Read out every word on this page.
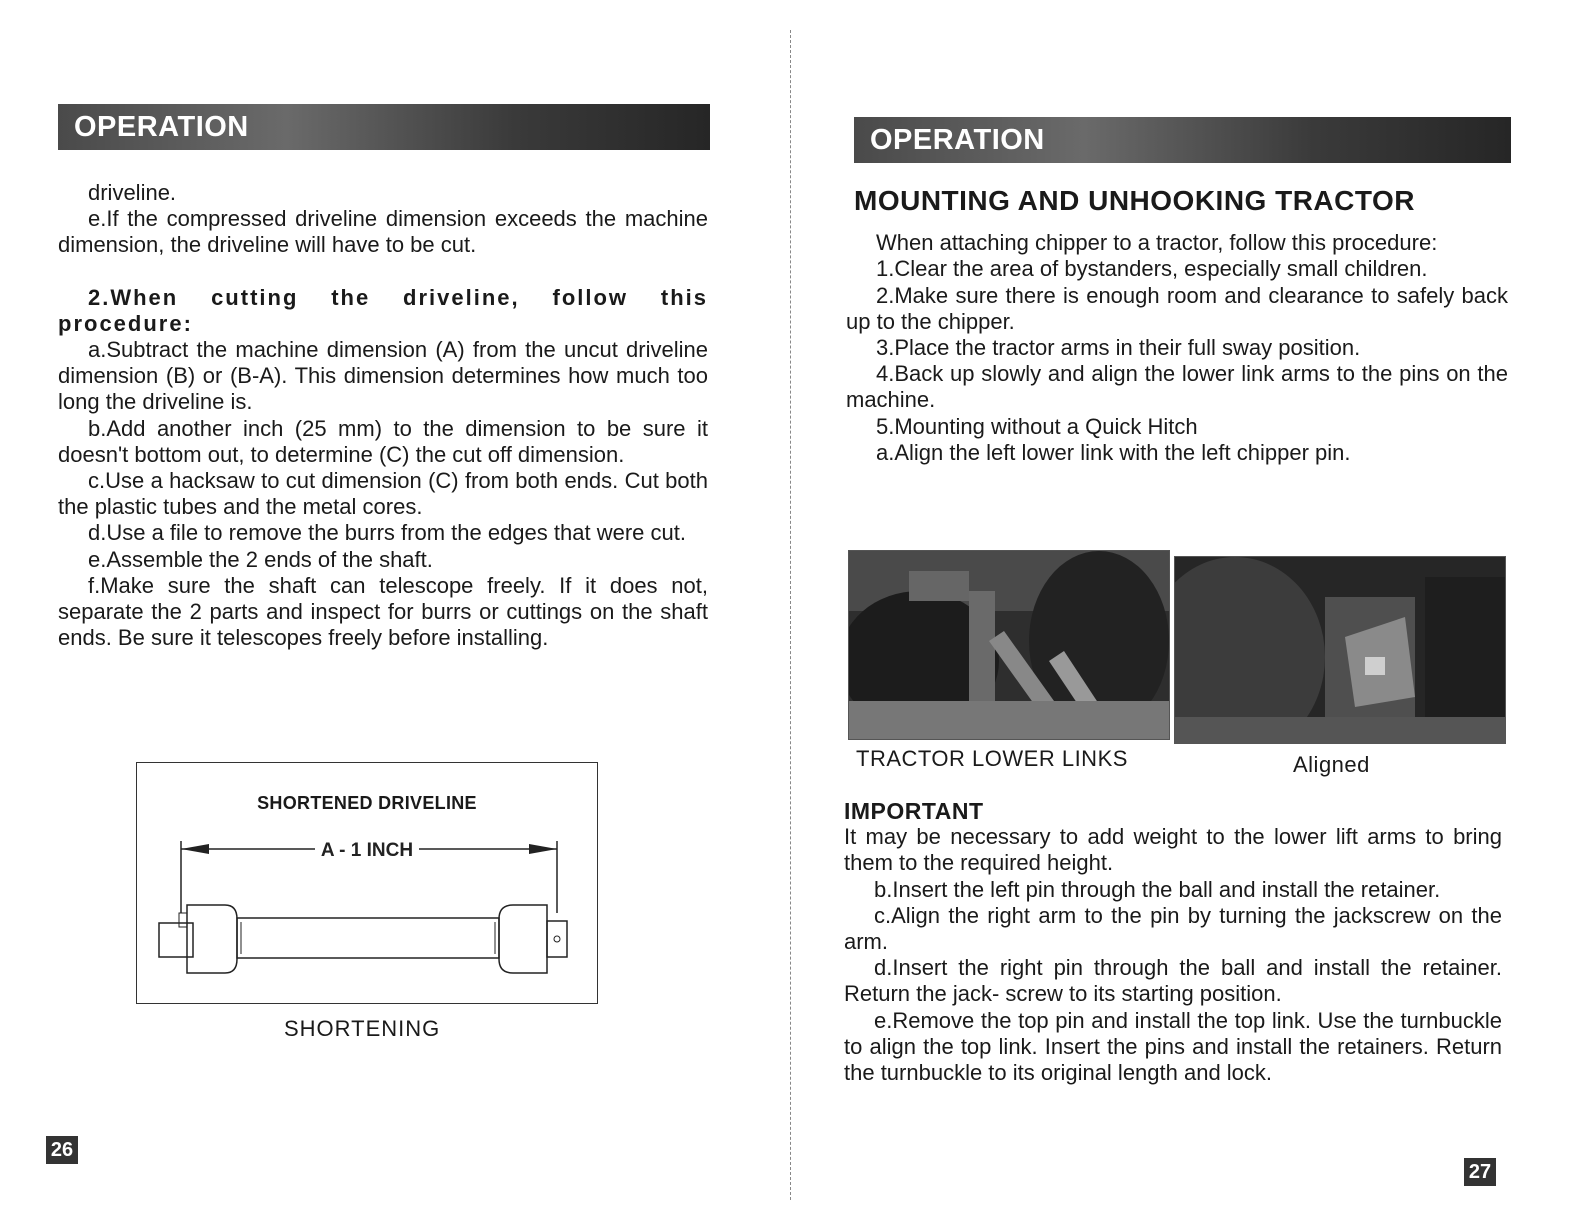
OPERATION

driveline.

e.If the compressed driveline dimension exceeds the machine dimension, the driveline will have to be cut.

2.When cutting the driveline, follow this procedure:

a.Subtract the machine dimension (A) from the uncut driveline dimension (B) or (B-A). This dimension determines how much too long the driveline is.

b.Add another inch (25 mm) to the dimension to be sure it doesn't bottom out, to determine (C) the cut off dimension.

c.Use a hacksaw to cut dimension (C) from both ends. Cut both the plastic tubes and the metal cores.

d.Use a file to remove the burrs from the edges that were cut.

e.Assemble the 2 ends of the shaft.

f.Make sure the shaft can telescope freely. If it does not, separate the 2 parts and inspect for burrs or cuttings on the shaft ends. Be sure it telescopes freely before installing.

SHORTENED DRIVELINE
A - 1 INCH
SHORTENING
26
OPERATION
MOUNTING AND UNHOOKING TRACTOR

When attaching chipper to a tractor, follow this procedure:

1.Clear the area of bystanders, especially small children.

2.Make sure there is enough room and clearance to safely back up to the chipper.

3.Place the tractor arms in their full sway position.

4.Back up slowly and align the lower link arms to the pins on the machine.

5.Mounting without a Quick Hitch

a.Align the left lower link with the left chipper pin.

TRACTOR LOWER LINKS	Aligned
IMPORTANT

It may be necessary to add weight to the lower lift arms to bring them to the required height.

b.Insert the left pin through the ball and install the retainer.

c.Align the right arm to the pin by turning the jackscrew on the arm.

d.Insert the right pin through the ball and install the retainer. Return the jack- screw to its starting position.

e.Remove the top pin and install the top link. Use the turnbuckle to align the top link. Insert the pins and install the retainers. Return the turnbuckle to its original length and lock.

27
